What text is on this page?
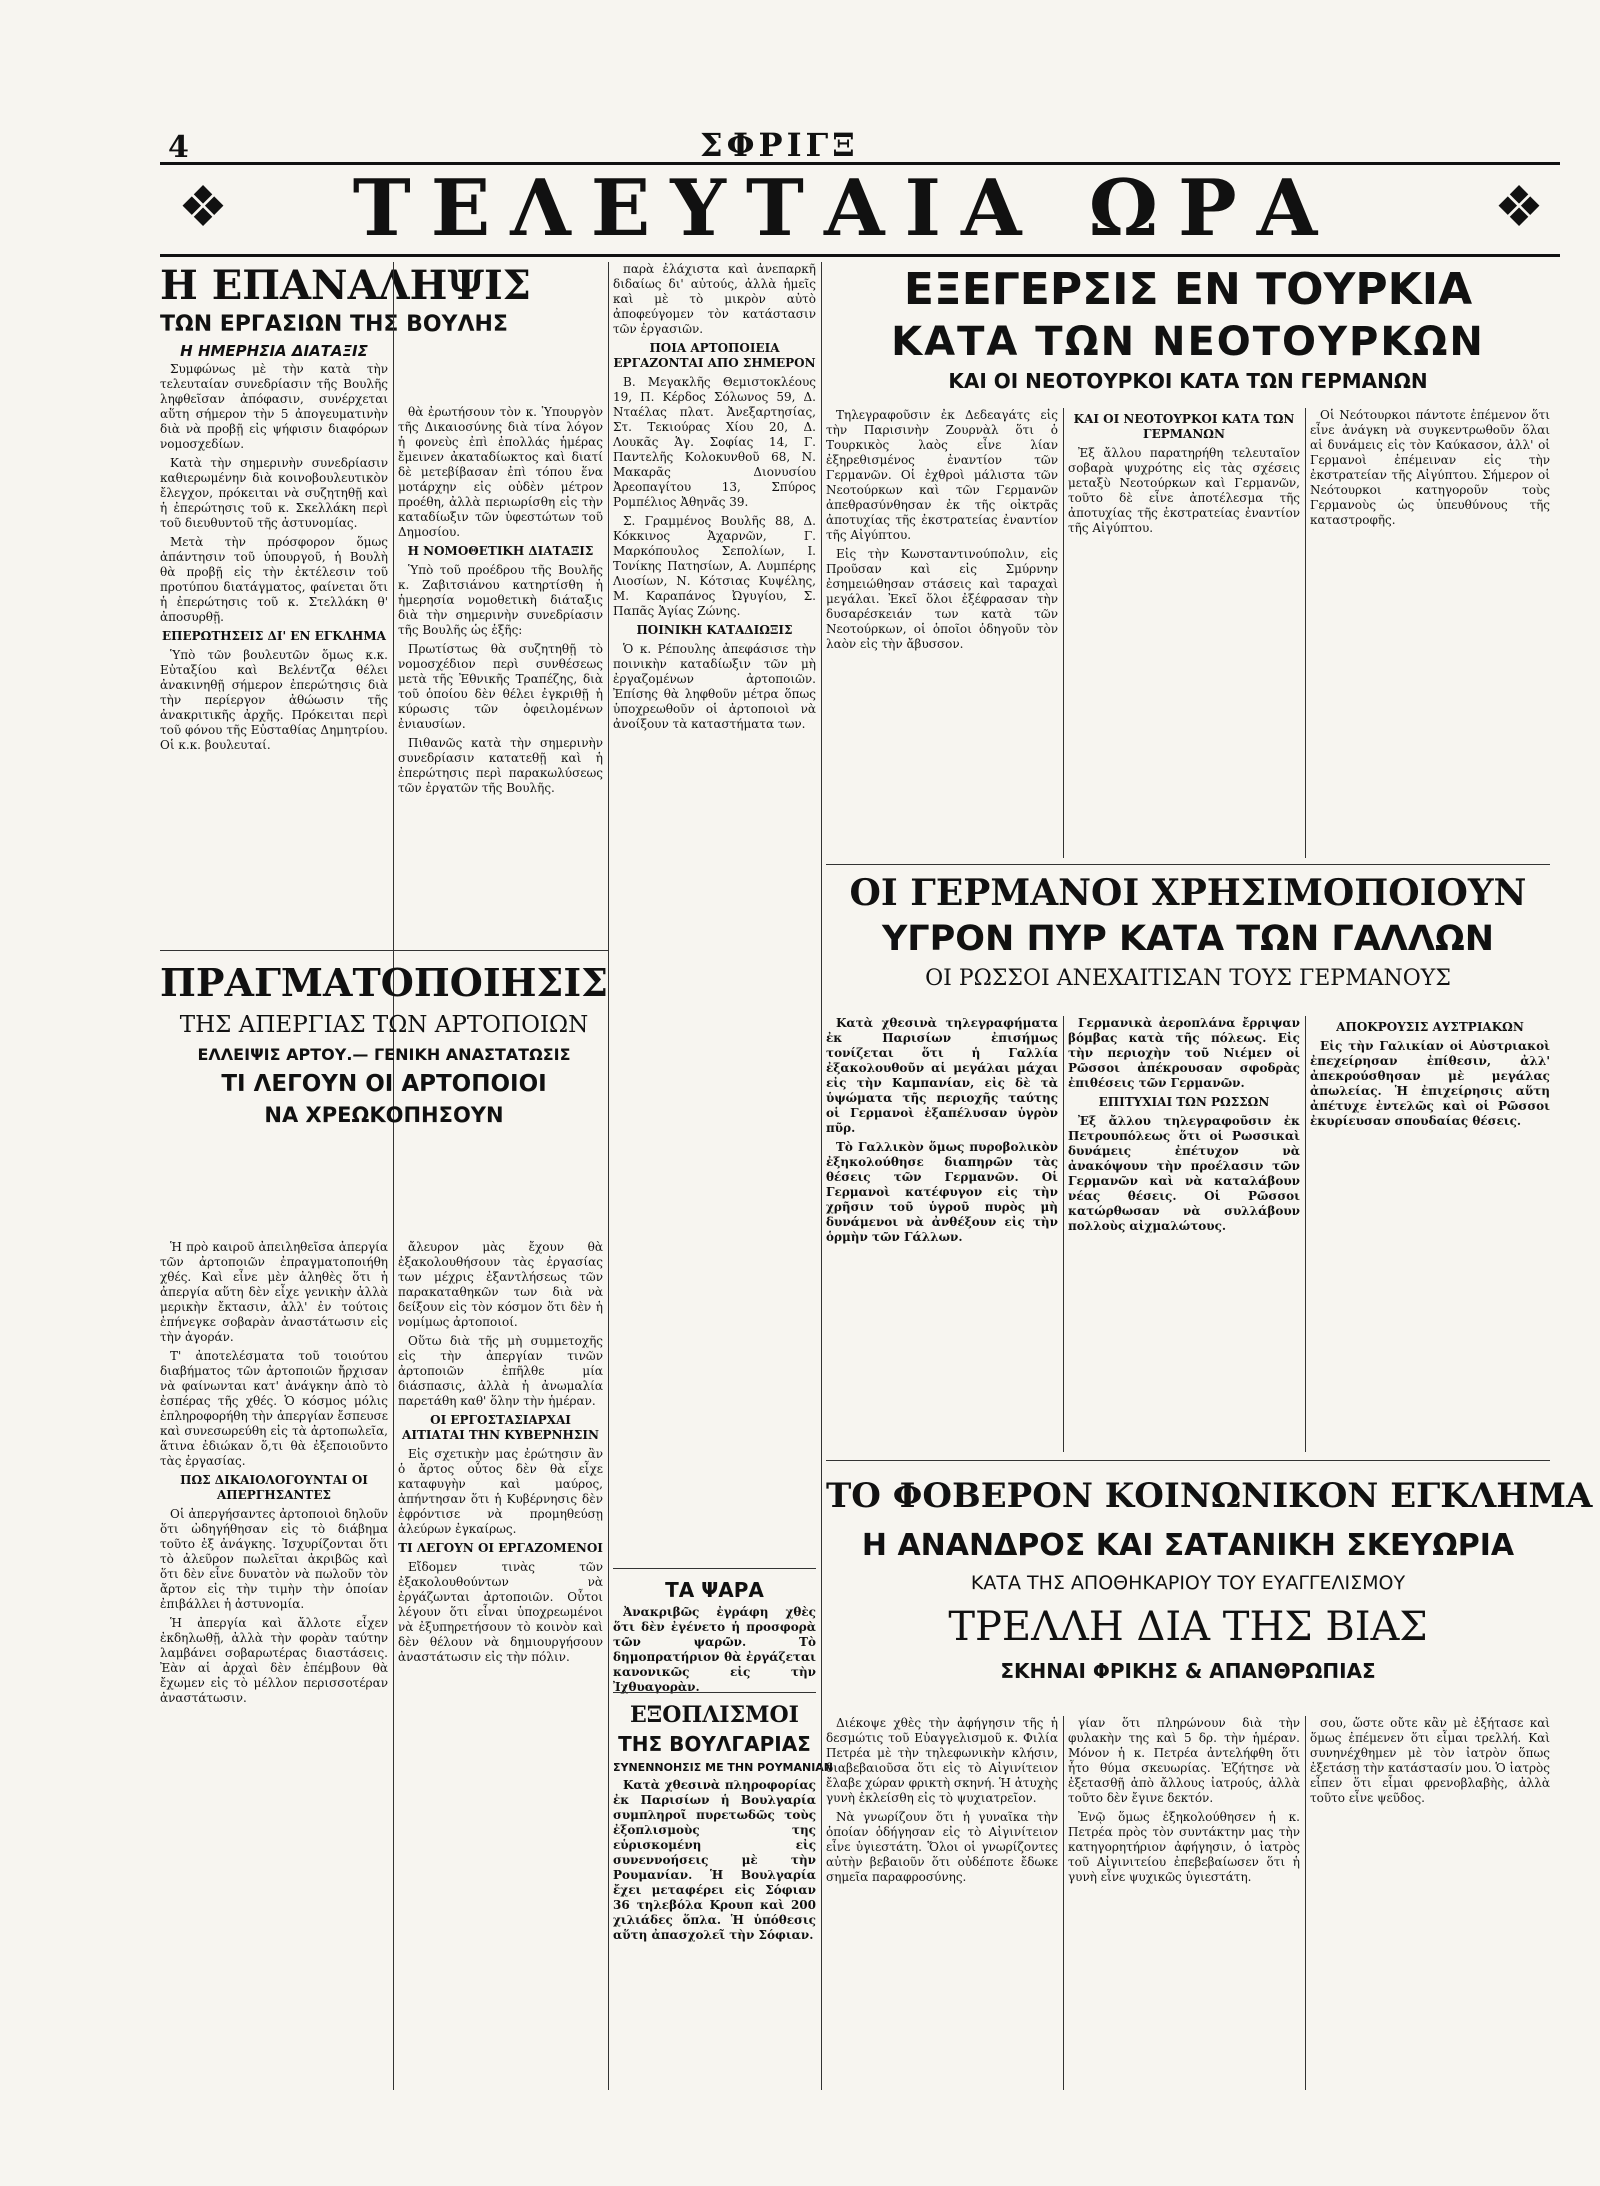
4	ΣΦΡΙΓΞ
❖	ΤΕΛΕΥΤΑΙΑ ΩΡΑ	❖
Η ΕΠΑΝΑΛΗΨΙΣ
ΤΩΝ ΕΡΓΑΣΙΩΝ ΤΗΣ ΒΟΥΛΗΣ
Η ΗΜΕΡΗΣΙΑ ΔΙΑΤΑΞΙΣ

Συμφώνως μὲ τὴν κατὰ τὴν τελευταίαν συνεδρίασιν τῆς Βουλῆς ληφθεῖσαν ἀπόφασιν, συνέρχεται αὕτη σήμερον τὴν 5 ἀπογευματινὴν διὰ νὰ προβῇ εἰς ψήφισιν διαφόρων νομοσχεδίων.

Κατὰ τὴν σημερινὴν συνεδρίασιν καθιερωμένην διὰ κοινοβουλευτικὸν ἔλεγχον, πρόκειται νὰ συζητηθῇ καὶ ἡ ἐπερώτησις τοῦ κ. Σκελλάκη περὶ τοῦ διευθυντοῦ τῆς ἀστυνομίας.

Μετὰ τὴν πρόσφορον ὅμως ἀπάντησιν τοῦ ὑπουργοῦ, ἡ Βουλὴ θὰ προβῇ εἰς τὴν ἐκτέλεσιν τοῦ προτύπου διατάγματος, φαίνεται ὅτι ἡ ἐπερώτησις τοῦ κ. Στελλάκη θ' ἀποσυρθῇ.

ΕΠΕΡΩΤΗΣΕΙΣ ΔΙ' ΕΝ ΕΓΚΛΗΜΑ

Ὑπὸ τῶν βουλευτῶν ὅμως κ.κ. Εὐταξίου καὶ Βελέντζα θέλει ἀνακινηθῇ σήμερον ἐπερώτησις διὰ τὴν περίεργον ἀθώωσιν τῆς ἀνακριτικῆς ἀρχῆς. Πρόκειται περὶ τοῦ φόνου τῆς Εὐσταθίας Δημητρίου. Οἱ κ.κ. βουλευταί.

θὰ ἐρωτήσουν τὸν κ. Ὑπουργὸν τῆς Δικαιοσύνης διὰ τίνα λόγον ἡ φονεὺς ἐπὶ ἐπολλάς ἡμέρας ἔμεινεν ἀκαταδίωκτος καὶ διατί δὲ μετεβίβασαν ἐπὶ τόπου ἕνα μοτάρχην εἰς οὐδὲν μέτρον προέθη, ἀλλὰ περιωρίσθη εἰς τὴν καταδίωξιν τῶν ὑφεστώτων τοῦ Δημοσίου.

Η ΝΟΜΟΘΕΤΙΚΗ ΔΙΑΤΑΞΙΣ

Ὑπὸ τοῦ προέδρου τῆς Βουλῆς κ. Ζαβιτσιάνου κατηρτίσθη ἡ ἡμερησία νομοθετικὴ διάταξις διὰ τὴν σημερινὴν συνεδρίασιν τῆς Βουλῆς ὡς ἑξῆς:

Πρωτίστως θὰ συζητηθῇ τὸ νομοσχέδιον περὶ συνθέσεως μετὰ τῆς Ἐθνικῆς Τραπέζης, διὰ τοῦ ὁποίου δὲν θέλει ἐγκριθῇ ἡ κύρωσις τῶν ὀφειλομένων ἐνιαυσίων.

Πιθανῶς κατὰ τὴν σημερινὴν συνεδρίασιν κατατεθῇ καὶ ἡ ἐπερώτησις περὶ παρακωλύσεως τῶν ἐργατῶν τῆς Βουλῆς.

ΠΡΑΓΜΑΤΟΠΟΙΗΣΙΣ
ΤΗΣ ΑΠΕΡΓΙΑΣ ΤΩΝ ΑΡΤΟΠΟΙΩΝ
ΕΛΛΕΙΨΙΣ ΑΡΤΟΥ.— ΓΕΝΙΚΗ ΑΝΑΣΤΑΤΩΣΙΣ
ΤΙ ΛΕΓΟΥΝ ΟΙ ΑΡΤΟΠΟΙΟΙ
ΝΑ ΧΡΕΩΚΟΠΗΣΟΥΝ

Ἡ πρὸ καιροῦ ἀπειληθεῖσα ἀπεργία τῶν ἀρτοποιῶν ἐπραγματοποιήθη χθές. Καὶ εἶνε μὲν ἀληθὲς ὅτι ἡ ἀπεργία αὕτη δὲν εἶχε γενικὴν ἀλλὰ μερικὴν ἔκτασιν, ἀλλ' ἐν τούτοις ἐπήνεγκε σοβαρὰν ἀναστάτωσιν εἰς τὴν ἀγοράν.

Τ' ἀποτελέσματα τοῦ τοιούτου διαβήματος τῶν ἀρτοποιῶν ἤρχισαν νὰ φαίνωνται κατ' ἀνάγκην ἀπὸ τὸ ἐσπέρας τῆς χθές. Ὁ κόσμος μόλις ἐπληροφορήθη τὴν ἀπεργίαν ἔσπευσε καὶ συνεσωρεύθη εἰς τὰ ἀρτοπωλεῖα, ἅτινα ἐδιώκαν ὅ,τι θὰ ἐξεποιοῦντο τὰς ἐργασίας.

ΠΩΣ ΔΙΚΑΙΟΛΟΓΟΥΝΤΑΙ ΟΙ ΑΠΕΡΓΗΣΑΝΤΕΣ

Οἱ ἀπεργήσαντες ἀρτοποιοὶ δηλοῦν ὅτι ὠδηγήθησαν εἰς τὸ διάβημα τοῦτο ἐξ ἀνάγκης. Ἰσχυρίζονται ὅτι τὸ ἀλεῦρον πωλεῖται ἀκριβῶς καὶ ὅτι δὲν εἶνε δυνατὸν νὰ πωλοῦν τὸν ἄρτον εἰς τὴν τιμὴν τὴν ὁποίαν ἐπιβάλλει ἡ ἀστυνομία.

Ἡ ἀπεργία καὶ ἄλλοτε εἶχεν ἐκδηλωθῇ, ἀλλὰ τὴν φορὰν ταύτην λαμβάνει σοβαρωτέρας διαστάσεις. Ἐὰν αἱ ἀρχαὶ δὲν ἐπέμβουν θὰ ἔχωμεν εἰς τὸ μέλλον περισσοτέραν ἀναστάτωσιν.

ἄλευρον μὰς ἔχουν θὰ ἐξακολουθήσουν τὰς ἐργασίας των μέχρις ἐξαντλήσεως τῶν παρακαταθηκῶν των διὰ νὰ δείξουν εἰς τὸν κόσμον ὅτι δὲν ἡ νομίμως ἀρτοποιοί.

Οὕτω διὰ τῆς μὴ συμμετοχῆς εἰς τὴν ἀπεργίαν τινῶν ἀρτοποιῶν ἐπῆλθε μία διάσπασις, ἀλλὰ ἡ ἀνωμαλία παρετάθη καθ' ὅλην τὴν ἡμέραν.

ΟΙ ΕΡΓΟΣΤΑΣΙΑΡΧΑΙ ΑΙΤΙΑΤΑΙ ΤΗΝ ΚΥΒΕΡΝΗΣΙΝ

Εἰς σχετικὴν μας ἐρώτησιν ἂν ὁ ἄρτος οὗτος δὲν θὰ εἶχε καταφυγὴν καὶ μαύρος, ἀπήντησαν ὅτι ἡ Κυβέρνησις δὲν ἐφρόντισε νὰ προμηθεύσῃ ἀλεύρων ἐγκαίρως.

ΤΙ ΛΕΓΟΥΝ ΟΙ ΕΡΓΑΖΟΜΕΝΟΙ

Εἴδομεν τινὰς τῶν ἐξακολουθούντων νὰ ἐργάζωνται ἀρτοποιῶν. Οὗτοι λέγουν ὅτι εἶναι ὑποχρεωμένοι νὰ ἐξυπηρετήσουν τὸ κοινὸν καὶ δὲν θέλουν νὰ δημιουργήσουν ἀναστάτωσιν εἰς τὴν πόλιν.

παρὰ ἐλάχιστα καὶ ἀνεπαρκῆ διδαίως δι' αὐτούς, ἀλλὰ ἡμεῖς καὶ μὲ τὸ μικρὸν αὐτὸ ἀποφεύγομεν τὸν κατάστασιν τῶν ἐργασιῶν.

ΠΟΙΑ ΑΡΤΟΠΟΙΕΙΑ ΕΡΓΑΖΟΝΤΑΙ ΑΠΟ ΣΗΜΕΡΟΝ

Β. Μεγακλῆς Θεμιστοκλέους 19, Π. Κέρδος Σόλωνος 59, Δ. Νταέλας πλατ. Ἀνεξαρτησίας, Στ. Τεκιούρας Χίου 20, Δ. Λουκᾶς Ἁγ. Σοφίας 14, Γ. Παντελῆς Κολοκυνθοῦ 68, Ν. Μακαρᾶς Διονυσίου Ἀρεοπαγίτου 13, Σπύρος Ρομπέλιος Ἀθηνᾶς 39.

Σ. Γραμμένος Βουλῆς 88, Δ. Κόκκινος Ἀχαρνῶν, Γ. Μαρκόπουλος Σεπολίων, Ι. Τονίκης Πατησίων, Α. Λυμπέρης Λιοσίων, Ν. Κότσιας Κυψέλης, Μ. Καραπάνος Ὠγυγίου, Σ. Παπᾶς Ἁγίας Ζώνης.

ΠΟΙΝΙΚΗ ΚΑΤΑΔΙΩΞΙΣ

Ὁ κ. Ρέπουλης ἀπεφάσισε τὴν ποινικὴν καταδίωξιν τῶν μὴ ἐργαζομένων ἀρτοποιῶν. Ἐπίσης θὰ ληφθοῦν μέτρα ὅπως ὑποχρεωθοῦν οἱ ἀρτοποιοὶ νὰ ἀνοίξουν τὰ καταστήματα των.

ΤΑ ΨΑΡΑ

Ἀνακριβῶς ἐγράφη χθὲς ὅτι δὲν ἐγένετο ἡ προσφορὰ τῶν ψαρῶν. Τὸ δημοπρατήριον θὰ ἐργάζεται κανονικῶς εἰς τὴν Ἰχθυαγορὰν.

ΕΞΟΠΛΙΣΜΟΙ
ΤΗΣ ΒΟΥΛΓΑΡΙΑΣ
ΣΥΝΕΝΝΟΗΣΙΣ ΜΕ ΤΗΝ ΡΟΥΜΑΝΙΑΝ

Κατὰ χθεσινὰ πληροφορίας ἐκ Παρισίων ἡ Βουλγαρία συμπληροῖ πυρετωδῶς τοὺς ἐξοπλισμοὺς της εὑρισκομένη εἰς συνεννοήσεις μὲ τὴν Ρουμανίαν. Ἡ Βουλγαρία ἔχει μεταφέρει εἰς Σόφιαν 36 τηλεβόλα Κρουπ καὶ 200 χιλιάδες ὅπλα. Ἡ ὑπόθεσις αὕτη ἀπασχολεῖ τὴν Σόφιαν.

ΕΞΕΓΕΡΣΙΣ ΕΝ ΤΟΥΡΚΙΑ
ΚΑΤΑ ΤΩΝ ΝΕΟΤΟΥΡΚΩΝ
ΚΑΙ ΟΙ ΝΕΟΤΟΥΡΚΟΙ ΚΑΤΑ ΤΩΝ ΓΕΡΜΑΝΩΝ

Τηλεγραφοῦσιν ἐκ Δεδεαγάτς εἰς τὴν Παρισινὴν Ζουρνὰλ ὅτι ὁ Τουρκικὸς λαὸς εἶνε λίαν ἐξηρεθισμένος ἐναντίον τῶν Γερμανῶν. Οἱ ἐχθροὶ μάλιστα τῶν Νεοτούρκων καὶ τῶν Γερμανῶν ἀπεθρασύνθησαν ἐκ τῆς οἰκτρᾶς ἀποτυχίας τῆς ἐκστρατείας ἐναντίον τῆς Αἰγύπτου.

Εἰς τὴν Κωνσταντινούπολιν, εἰς Προῦσαν καὶ εἰς Σμύρνην ἐσημειώθησαν στάσεις καὶ ταραχαὶ μεγάλαι. Ἐκεῖ ὅλοι ἐξέφρασαν τὴν δυσαρέσκειάν των κατὰ τῶν Νεοτούρκων, οἱ ὁποῖοι ὁδηγοῦν τὸν λαὸν εἰς τὴν ἄβυσσον.

ΚΑΙ ΟΙ ΝΕΟΤΟΥΡΚΟΙ ΚΑΤΑ ΤΩΝ ΓΕΡΜΑΝΩΝ

Ἐξ ἄλλου παρατηρήθη τελευταῖον σοβαρὰ ψυχρότης εἰς τὰς σχέσεις μεταξὺ Νεοτούρκων καὶ Γερμανῶν, τοῦτο δὲ εἶνε ἀποτέλεσμα τῆς ἀποτυχίας τῆς ἐκστρατείας ἐναντίον τῆς Αἰγύπτου.

Οἱ Νεότουρκοι πάντοτε ἐπέμενον ὅτι εἶνε ἀνάγκη νὰ συγκεντρωθοῦν ὅλαι αἱ δυνάμεις εἰς τὸν Καύκασον, ἀλλ' οἱ Γερμανοὶ ἐπέμειναν εἰς τὴν ἐκστρατείαν τῆς Αἰγύπτου. Σήμερον οἱ Νεότουρκοι κατηγοροῦν τοὺς Γερμανοὺς ὡς ὑπευθύνους τῆς καταστροφῆς.

ΟΙ ΓΕΡΜΑΝΟΙ ΧΡΗΣΙΜΟΠΟΙΟΥΝ
ΥΓΡΟΝ ΠΥΡ ΚΑΤΑ ΤΩΝ ΓΑΛΛΩΝ
ΟΙ ΡΩΣΣΟΙ ΑΝΕΧΑΙΤΙΣΑΝ ΤΟΥΣ ΓΕΡΜΑΝΟΥΣ

Κατὰ χθεσινὰ τηλεγραφήματα ἐκ Παρισίων ἐπισήμως τονίζεται ὅτι ἡ Γαλλία ἐξακολουθοῦν αἱ μεγάλαι μάχαι εἰς τὴν Καμπανίαν, εἰς δὲ τὰ ὑψώματα τῆς περιοχῆς ταύτης οἱ Γερμανοὶ ἐξαπέλυσαν ὑγρὸν πῦρ.

Τὸ Γαλλικὸν ὅμως πυροβολικὸν ἐξηκολούθησε διαπηρῶν τὰς θέσεις τῶν Γερμανῶν. Οἱ Γερμανοὶ κατέφυγον εἰς τὴν χρῆσιν τοῦ ὑγροῦ πυρὸς μὴ δυνάμενοι νὰ ἀνθέξουν εἰς τὴν ὁρμὴν τῶν Γάλλων.

Γερμανικὰ ἀεροπλάνα ἔρριψαν βόμβας κατὰ τῆς πόλεως. Εἰς τὴν περιοχὴν τοῦ Νιέμεν οἱ Ρῶσσοι ἀπέκρουσαν σφοδρὰς ἐπιθέσεις τῶν Γερμανῶν.

ΕΠΙΤΥΧΙΑΙ ΤΩΝ ΡΩΣΣΩΝ

Ἐξ ἄλλου τηλεγραφοῦσιν ἐκ Πετρουπόλεως ὅτι οἱ Ρωσσικαὶ δυνάμεις ἐπέτυχον νὰ ἀνακόψουν τὴν προέλασιν τῶν Γερμανῶν καὶ νὰ καταλάβουν νέας θέσεις. Οἱ Ρῶσσοι κατώρθωσαν νὰ συλλάβουν πολλοὺς αἰχμαλώτους.

ΑΠΟΚΡΟΥΣΙΣ ΑΥΣΤΡΙΑΚΩΝ

Εἰς τὴν Γαλικίαν οἱ Αὐστριακοὶ ἐπεχείρησαν ἐπίθεσιν, ἀλλ' ἀπεκρούσθησαν μὲ μεγάλας ἀπωλείας. Ἡ ἐπιχείρησις αὕτη ἀπέτυχε ἐντελῶς καὶ οἱ Ρῶσσοι ἐκυρίευσαν σπουδαίας θέσεις.

ΤΟ ΦΟΒΕΡΟΝ ΚΟΙΝΩΝΙΚΟΝ ΕΓΚΛΗΜΑ
Η ΑΝΑΝΔΡΟΣ ΚΑΙ ΣΑΤΑΝΙΚΗ ΣΚΕΥΩΡΙΑ
ΚΑΤΑ ΤΗΣ ΑΠΟΘΗΚΑΡΙΟΥ ΤΟΥ ΕΥΑΓΓΕΛΙΣΜΟΥ
ΤΡΕΛΛΗ ΔΙΑ ΤΗΣ ΒΙΑΣ
ΣΚΗΝΑΙ ΦΡΙΚΗΣ & ΑΠΑΝΘΡΩΠΙΑΣ

Διέκοψε χθὲς τὴν ἀφήγησιν τῆς ἡ δεσμώτις τοῦ Εὐαγγελισμοῦ κ. Φιλία Πετρέα μὲ τὴν τηλεφωνικὴν κλήσιν, διαβεβαιοῦσα ὅτι εἰς τὸ Αἰγινίτειον ἔλαβε χώραν φρικτὴ σκηνή. Ἡ ἀτυχὴς γυνὴ ἐκλείσθη εἰς τὸ ψυχιατρεῖον.

Νὰ γνωρίζουν ὅτι ἡ γυναῖκα τὴν ὁποίαν ὁδήγησαν εἰς τὸ Αἰγινίτειον εἶνε ὑγιεστάτη. Ὅλοι οἱ γνωρίζοντες αὐτὴν βεβαιοῦν ὅτι οὐδέποτε ἔδωκε σημεῖα παραφροσύνης.

γίαν ὅτι πληρώνουν διὰ τὴν φυλακὴν της καὶ 5 δρ. τὴν ἡμέραν. Μόνον ἡ κ. Πετρέα ἀντελήφθη ὅτι ἦτο θύμα σκευωρίας. Ἐζήτησε νὰ ἐξετασθῇ ἀπὸ ἄλλους ἰατρούς, ἀλλὰ τοῦτο δὲν ἔγινε δεκτόν.

Ἐνῷ ὅμως ἐξηκολούθησεν ἡ κ. Πετρέα πρὸς τὸν συντάκτην μας τὴν κατηγορητήριον ἀφήγησιν, ὁ ἰατρὸς τοῦ Αἰγινιτείου ἐπεβεβαίωσεν ὅτι ἡ γυνὴ εἶνε ψυχικῶς ὑγιεστάτη.

σου, ὥστε οὔτε κἂν μὲ ἐξήτασε καὶ ὅμως ἐπέμενεν ὅτι εἶμαι τρελλή. Καὶ συνηνέχθημεν μὲ τὸν ἰατρὸν ὅπως ἐξετάσῃ τὴν κατάστασίν μου. Ὁ ἰατρὸς εἶπεν ὅτι εἶμαι φρενοβλαβὴς, ἀλλὰ τοῦτο εἶνε ψεῦδος.
